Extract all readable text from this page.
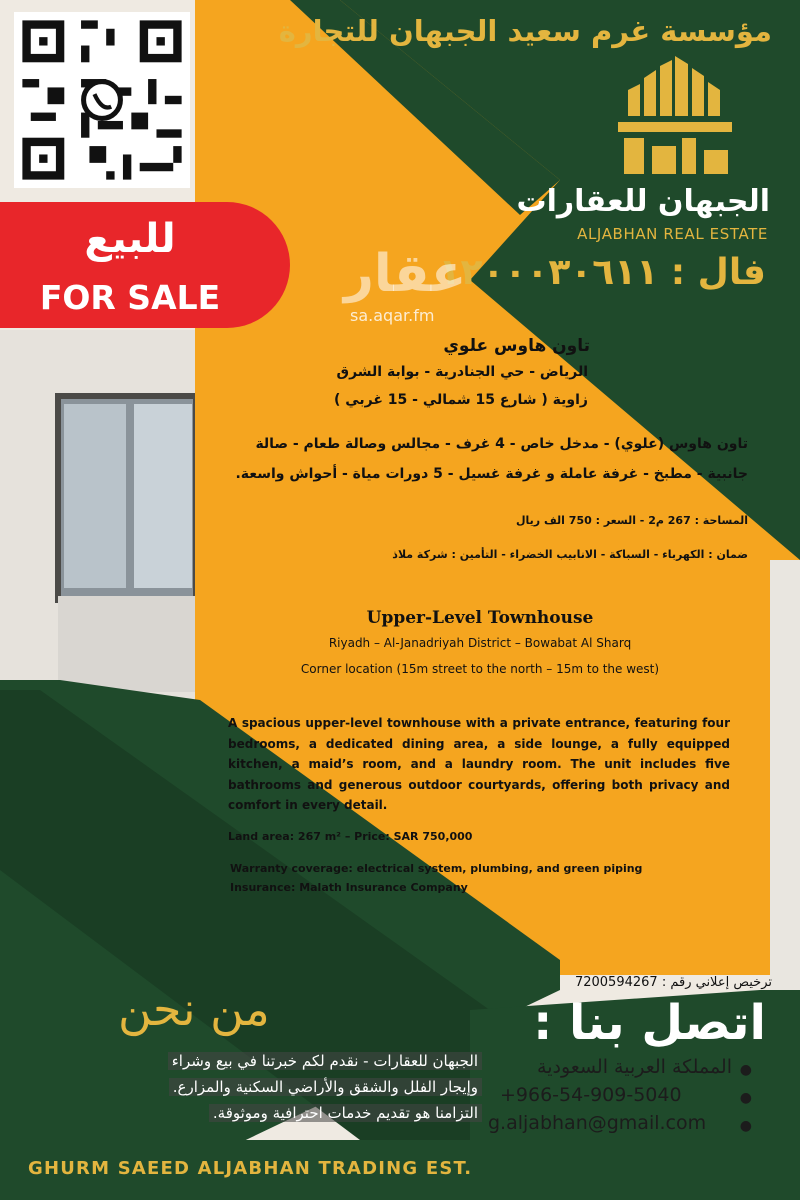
للبيع
FOR SALE
مؤسسة غرم سعيد الجبهان للتجارة
الجبهان للعقارات
ALJABHAN REAL ESTATE
فال : ١٢٠٠٠٣٠٦١١
عقار
sa.aqar.fm
تاون هاوس علوي
الرياض - حي الجنادرية - بوابة الشرق
زاوية ( شارع 15 شمالي - 15 غربي )
تاون هاوس (علوي) - مدخل خاص - 4 غرف - مجالس وصالة طعام - صالة
جانبية - مطبخ - غرفة عاملة و غرفة غسيل - 5 دورات مياة - أحواش واسعة.
المساحة : 267 م2 - السعر : 750 الف ريال
ضمان : الكهرباء - السباكة - الانابيب الخضراء - التأمين : شركة ملاذ
Upper-Level Townhouse
Riyadh – Al-Janadriyah District – Bowabat Al Sharq
Corner location (15m street to the north – 15m to the west)
A spacious upper-level townhouse with a private entrance, featuring four bedrooms, a dedicated dining area, a side lounge, a fully equipped kitchen, a maid’s room, and a laundry room. The unit includes five bathrooms and generous outdoor courtyards, offering both privacy and comfort in every detail.
Land area: 267 m² – Price: SAR 750,000
Warranty coverage: electrical system, plumbing, and green piping
Insurance: Malath Insurance Company
ترخيص إعلاني رقم : 7200594267
من نحن
الجبهان للعقارات - نقدم لكم خبرتنا في بيع وشراء
وإيجار الفلل والشقق والأراضي السكنية والمزارع.
التزامنا هو تقديم خدمات احترافية وموثوقة.
اتصل بنا :
المملكة العربية السعودية ●
+966-54-909-5040	●
g.aljabhan@gmail.com ●
GHURM SAEED ALJABHAN TRADING EST.
